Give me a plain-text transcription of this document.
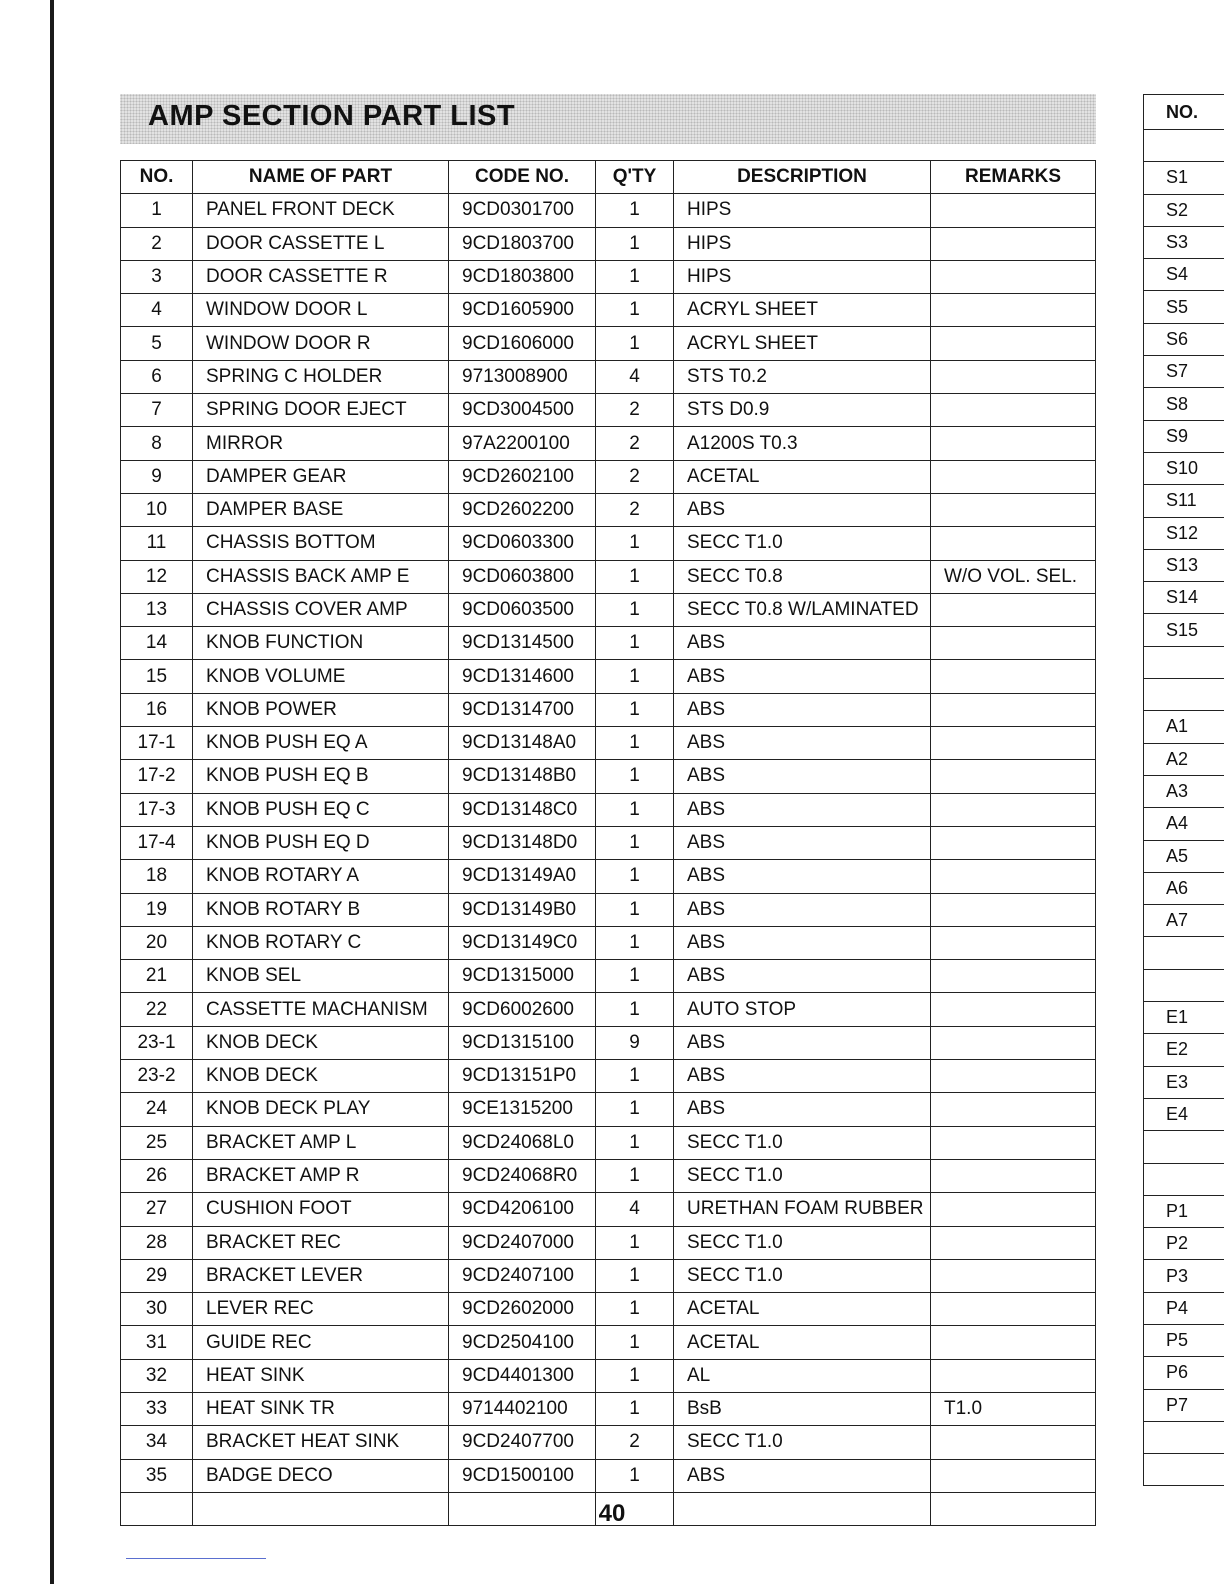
AMP SECTION PART LIST
NO.	NAME OF PART	CODE NO.	Q'TY	DESCRIPTION	REMARKS
1	PANEL FRONT DECK	9CD0301700	1	HIPS	
2	DOOR CASSETTE L	9CD1803700	1	HIPS	
3	DOOR CASSETTE R	9CD1803800	1	HIPS	
4	WINDOW DOOR L	9CD1605900	1	ACRYL SHEET	
5	WINDOW DOOR R	9CD1606000	1	ACRYL SHEET	
6	SPRING C HOLDER	9713008900	4	STS T0.2	
7	SPRING DOOR EJECT	9CD3004500	2	STS D0.9	
8	MIRROR	97A2200100	2	A1200S T0.3	
9	DAMPER GEAR	9CD2602100	2	ACETAL	
10	DAMPER BASE	9CD2602200	2	ABS	
11	CHASSIS BOTTOM	9CD0603300	1	SECC T1.0	
12	CHASSIS BACK AMP E	9CD0603800	1	SECC T0.8	W/O VOL. SEL.
13	CHASSIS COVER AMP	9CD0603500	1	SECC T0.8 W/LAMINATED	
14	KNOB FUNCTION	9CD1314500	1	ABS	
15	KNOB VOLUME	9CD1314600	1	ABS	
16	KNOB POWER	9CD1314700	1	ABS	
17-1	KNOB PUSH EQ A	9CD13148A0	1	ABS	
17-2	KNOB PUSH EQ B	9CD13148B0	1	ABS	
17-3	KNOB PUSH EQ C	9CD13148C0	1	ABS	
17-4	KNOB PUSH EQ D	9CD13148D0	1	ABS	
18	KNOB ROTARY A	9CD13149A0	1	ABS	
19	KNOB ROTARY B	9CD13149B0	1	ABS	
20	KNOB ROTARY C	9CD13149C0	1	ABS	
21	KNOB SEL	9CD1315000	1	ABS	
22	CASSETTE MACHANISM	9CD6002600	1	AUTO STOP	
23-1	KNOB DECK	9CD1315100	9	ABS	
23-2	KNOB DECK	9CD13151P0	1	ABS	
24	KNOB DECK PLAY	9CE1315200	1	ABS	
25	BRACKET AMP L	9CD24068L0	1	SECC T1.0	
26	BRACKET AMP R	9CD24068R0	1	SECC T1.0	
27	CUSHION FOOT	9CD4206100	4	URETHAN FOAM RUBBER	
28	BRACKET REC	9CD2407000	1	SECC T1.0	
29	BRACKET LEVER	9CD2407100	1	SECC T1.0	
30	LEVER REC	9CD2602000	1	ACETAL	
31	GUIDE REC	9CD2504100	1	ACETAL	
32	HEAT SINK	9CD4401300	1	AL	
33	HEAT SINK TR	9714402100	1	BsB	T1.0
34	BRACKET HEAT SINK	9CD2407700	2	SECC T1.0	
35	BADGE DECO	9CD1500100	1	ABS	

NO.

S1
S2
S3
S4
S5
S6
S7
S8
S9
S10
S11
S12
S13
S14
S15

A1
A2
A3
A4
A5
A6
A7

E1
E2
E3
E4

P1
P2
P3
P4
P5
P6
P7

40
